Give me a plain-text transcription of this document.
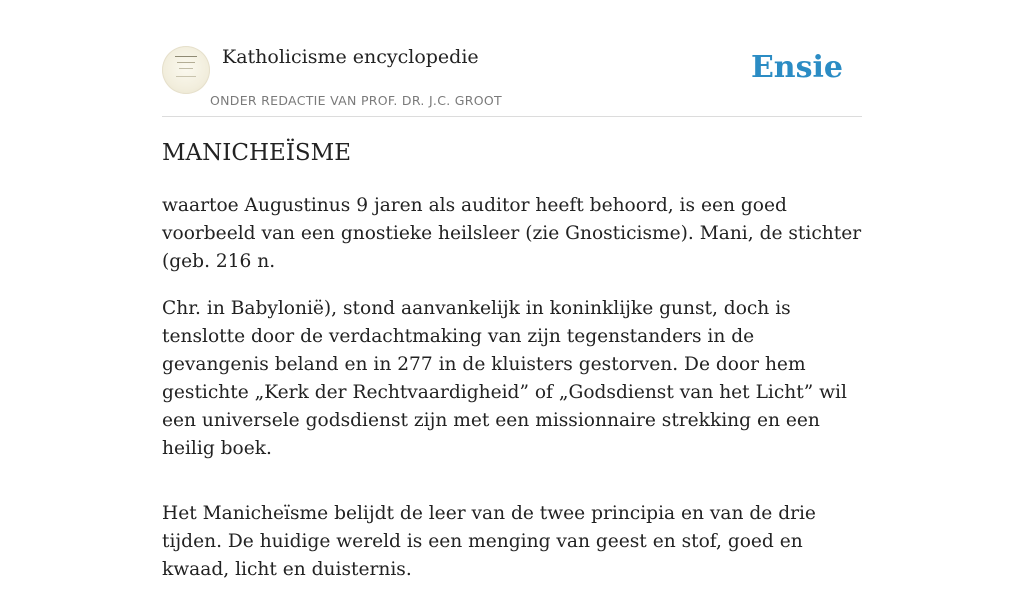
Katholicisme encyclopedie
ONDER REDACTIE VAN PROF. DR. J.C. GROOT
Ensie
MANICHEÏSME

waartoe Augustinus 9 jaren als auditor heeft behoord, is een goed voorbeeld van een gnostieke heilsleer (zie Gnosticisme). Mani, de stichter (geb. 216 n.

Chr. in Babylonië), stond aanvankelijk in koninklijke gunst, doch is tenslotte door de verdachtmaking van zijn tegenstanders in de gevangenis beland en in 277 in de kluisters gestorven. De door hem gestichte „Kerk der Rechtvaardigheid” of „Godsdienst van het Licht” wil een universele godsdienst zijn met een missionnaire strekking en een heilig boek.

Het Manicheïsme belijdt de leer van de twee principia en van de drie tijden. De huidige wereld is een menging van geest en stof, goed en kwaad, licht en duisternis.
